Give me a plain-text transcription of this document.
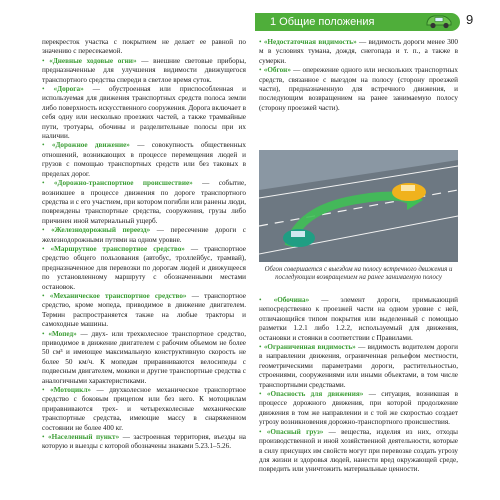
1 Общие положения	9

перекресток участка с покрытием не делает ее равной по значению с пересекаемой.

• «Дневные ходовые огни» — внешние световые приборы, предназначенные для улучшения видимости движущегося транспортного средства спереди в светлое время суток.

• «Дорога» — обустроенная или приспособленная и используемая для движения транспортных средств полоса земли либо поверхность искусственного сооружения. Дорога включает в себя одну или несколько проезжих частей, а также трамвайные пути, тротуары, обочины и разделительные полосы при их наличии.

• «Дорожное движение» — совокупность общественных отношений, возникающих в процессе перемещения людей и грузов с помощью транспортных средств или без таковых в пределах дорог.

• «Дорожно-транспортное происшествие» — событие, возникшее в процессе движения по дороге транспортного средства и с его участием, при котором погибли или ранены люди, повреждены транспортные средства, сооружения, грузы либо причинен иной материальный ущерб.

• «Железнодорожный переезд» — пересечение дороги с железнодорожными путями на одном уровне.

• «Маршрутное транспортное средство» — транспортное средство общего пользования (автобус, троллейбус, трамвай), предназначенное для перевозки по дорогам людей и движущееся по установленному маршруту с обозначенными местами остановок.

• «Механическое транспортное средство» — транспортное средство, кроме мопеда, приводимое в движение двигателем. Термин распространяется также на любые тракторы и самоходные машины.

• «Мопед» — двух- или трехколесное транспортное средство, приводимое в движение двигателем с рабочим объемом не более 50 см³ и имеющее максимальную конструктивную скорость не более 50 км/ч. К мопедам приравниваются велосипеды с подвесным двигателем, мокики и другие транспортные средства с аналогичными характеристиками.

• «Мотоцикл» — двухколесное механическое транспортное средство с боковым прицепом или без него. К мотоциклам приравниваются трех- и четырехколесные механические транспортные средства, имеющие массу в снаряженном состоянии не более 400 кг.

• «Населенный пункт» — застроенная территория, въезды на которую и выезды с которой обозначены знаками 5.23.1–5.26.

• «Недостаточная видимость» — видимость дороги менее 300 м в условиях тумана, дождя, снегопада и т. п., а также в сумерки.

• «Обгон» — опережение одного или нескольких транспортных средств, связанное с выездом на полосу (сторону проезжей части), предназначенную для встречного движения, и последующим возвращением на ранее занимаемую полосу (сторону проезжей части).

Обгон совершается с выездом на полосу встречного движения и последующим возвращением на ранее занимаемую полосу

• «Обочина» — элемент дороги, примыкающий непосредственно к проезжей части на одном уровне с ней, отличающийся типом покрытия или выделенный с помощью разметки 1.2.1 либо 1.2.2, используемый для движения, остановки и стоянки в соответствии с Правилами.

• «Ограниченная видимость» — видимость водителем дороги в направлении движения, ограниченная рельефом местности, геометрическими параметрами дороги, растительностью, строениями, сооружениями или иными объектами, в том числе транспортными средствами.

• «Опасность для движения» — ситуация, возникшая в процессе дорожного движения, при которой продолжение движения в том же направлении и с той же скоростью создает угрозу возникновения дорожно-транспортного происшествия.

• «Опасный груз» — вещества, изделия из них, отходы производственной и иной хозяйственной деятельности, которые в силу присущих им свойств могут при перевозке создать угрозу для жизни и здоровья людей, нанести вред окружающей среде, повредить или уничтожить материальные ценности.
